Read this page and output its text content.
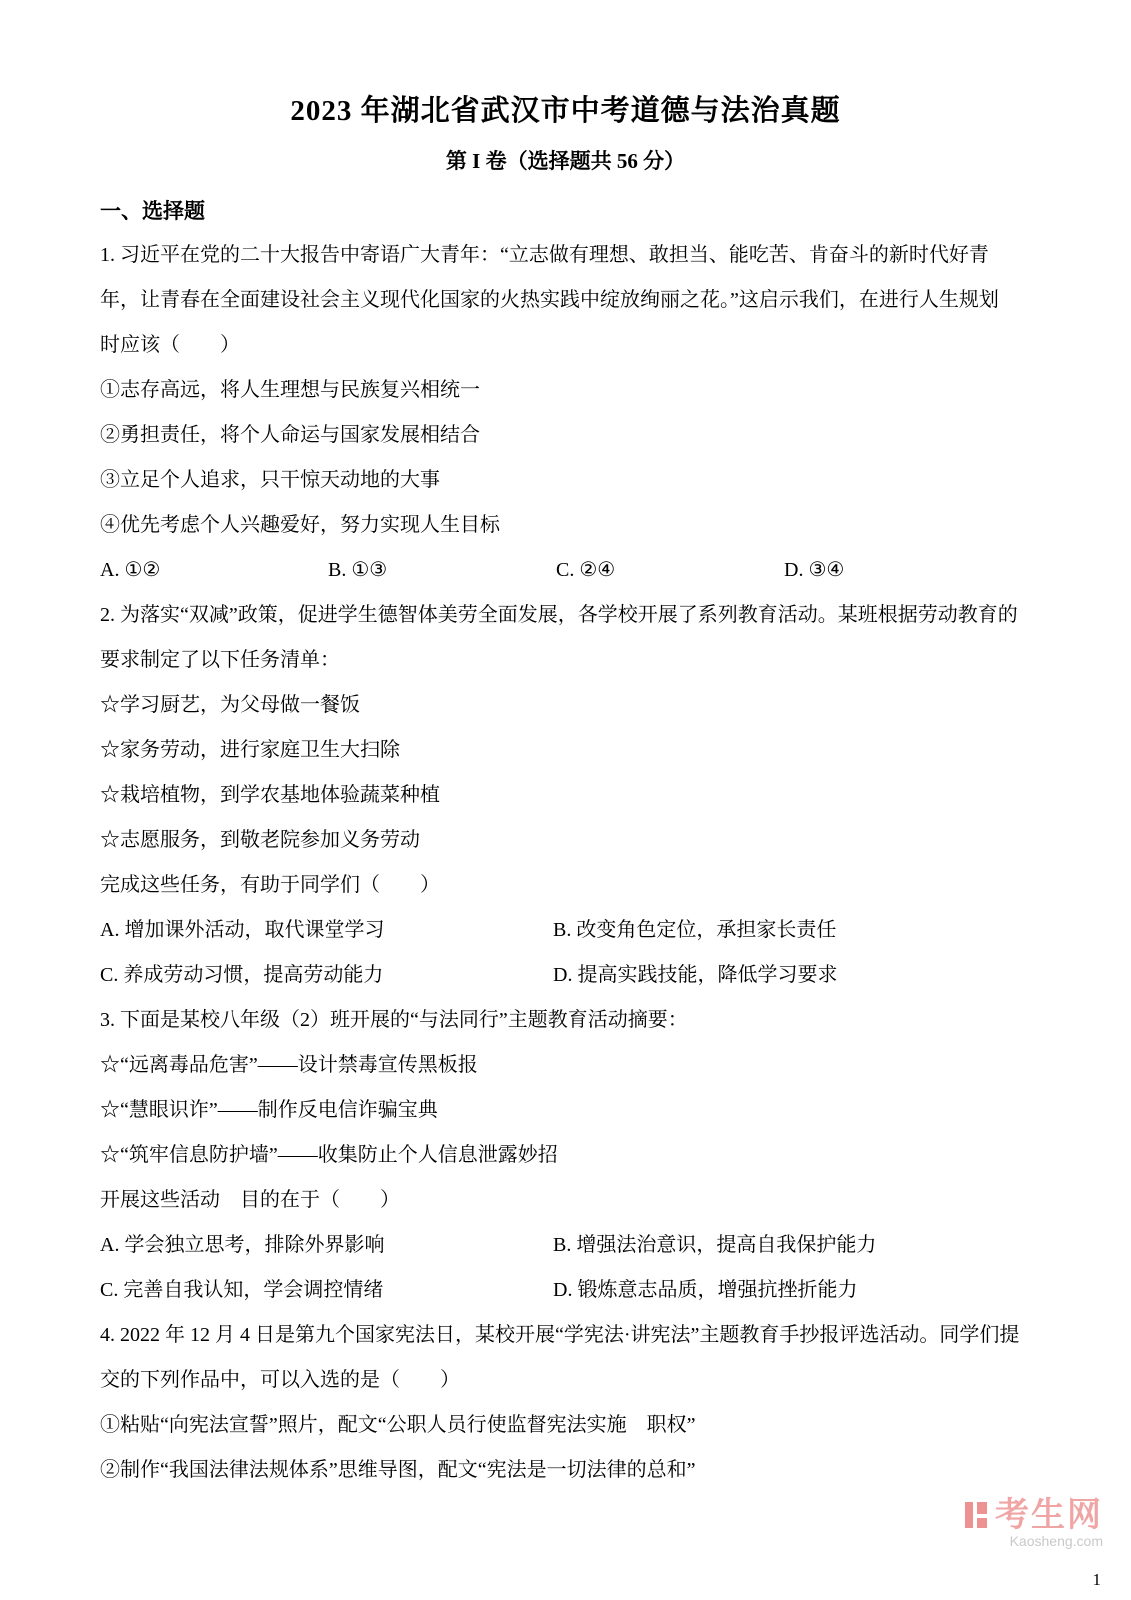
2023 年湖北省武汉市中考道德与法治真题
第 I 卷（选择题共 56 分）
一、选择题
1. 习近平在党的二十大报告中寄语广大青年：“立志做有理想、敢担当、能吃苦、肯奋斗的新时代好青
年，让青春在全面建设社会主义现代化国家的火热实践中绽放绚丽之花。”这启示我们，在进行人生规划
时应该（　　）
①志存高远，将人生理想与民族复兴相统一
②勇担责任，将个人命运与国家发展相结合
③立足个人追求，只干惊天动地的大事
④优先考虑个人兴趣爱好，努力实现人生目标
A. ①②	B. ①③	C. ②④	D. ③④
2. 为落实“双减”政策，促进学生德智体美劳全面发展，各学校开展了系列教育活动。某班根据劳动教育的
要求制定了以下任务清单：
☆学习厨艺，为父母做一餐饭
☆家务劳动，进行家庭卫生大扫除
☆栽培植物，到学农基地体验蔬菜种植
☆志愿服务，到敬老院参加义务劳动
完成这些任务，有助于同学们（　　）
A. 增加课外活动，取代课堂学习	B. 改变角色定位，承担家长责任
C. 养成劳动习惯，提高劳动能力	D. 提高实践技能，降低学习要求
3. 下面是某校八年级（2）班开展的“与法同行”主题教育活动摘要：
☆“远离毒品危害”——设计禁毒宣传黑板报
☆“慧眼识诈”——制作反电信诈骗宝典
☆“筑牢信息防护墙”——收集防止个人信息泄露妙招
开展这些活动　目的在于（　　）
A. 学会独立思考，排除外界影响	B. 增强法治意识，提高自我保护能力
C. 完善自我认知，学会调控情绪	D. 锻炼意志品质，增强抗挫折能力
4. 2022 年 12 月 4 日是第九个国家宪法日，某校开展“学宪法·讲宪法”主题教育手抄报评选活动。同学们提
交的下列作品中，可以入选的是（　　）
①粘贴“向宪法宣誓”照片，配文“公职人员行使监督宪法实施　职权”
②制作“我国法律法规体系”思维导图，配文“宪法是一切法律的总和”
考生网
Kaosheng.com
1
